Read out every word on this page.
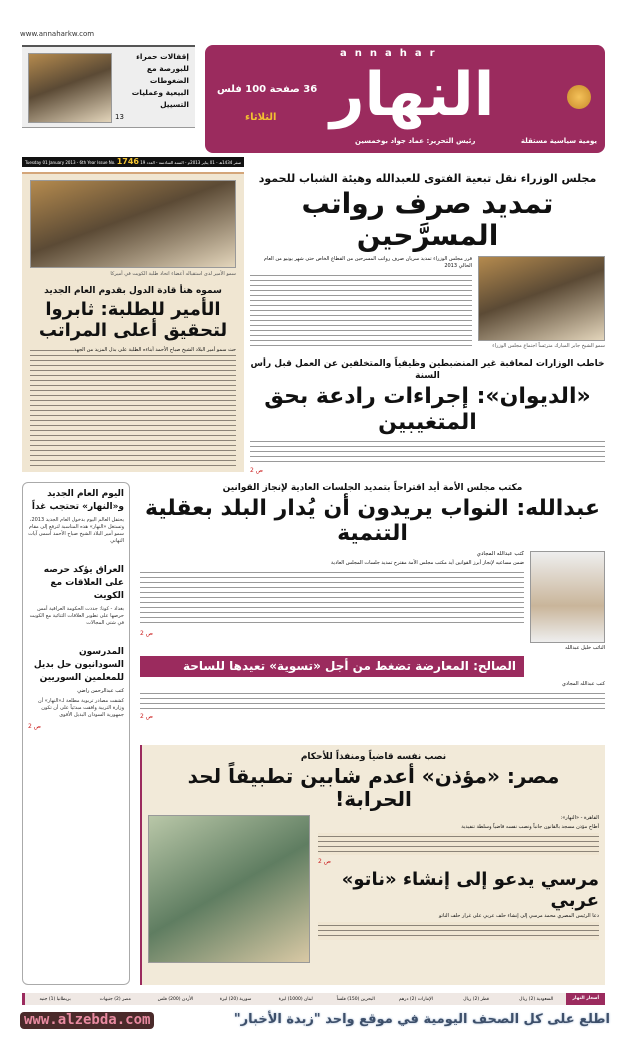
www.annaharkw.com
annahar
النهار
36 صفحة 100 فلس
الثلاثاء
يومية سياسية مستقلة
رئيس التحرير: عماد جواد بوخمسين
إقفالات حمراء للبورصة مع الضغوطات البيعية وعمليات التسييل
13
Tuesday 01 January 2013 - 6th Year Issue No. 1746 19 صفر 1434هـ - 01 يناير 2013م - السنة السادسة - العدد
سمو الأمير لدى استقباله أعضاء اتحاد طلبة الكويت في أميركا
سموه هنأ قادة الدول بقدوم العام الجديد
الأمير للطلبة: ثابروا لتحقيق أعلى المراتب
حث سمو أمير البلاد الشيخ صباح الأحمد أبناءه الطلبة على بذل المزيد من الجهد
مجلس الوزراء نقل تبعية الفتوى للعبدالله وهيئة الشباب للحمود
تمديد صرف رواتب المسرَّحين
سمو الشيخ جابر المبارك مترئساً اجتماع مجلس الوزراء
قرر مجلس الوزراء تمديد سريان صرف رواتب المسرحين من القطاع الخاص حتى شهر يونيو من العام الحالي 2013
خاطب الوزارات لمعاقبة غير المنضبطين وظيفياً والمتخلفين عن العمل قبل رأس السنة
«الديوان»: إجراءات رادعة بحق المتغيبين
ص 2
اليوم العام الجديد و«النهار» تحتجب غداً
يحتفل العالم اليوم بدخول العام الجديد 2013، وتستغل «النهار» هذه المناسبة لترفع إلى مقام سمو أمير البلاد الشيخ صباح الأحمد أسمى آيات التهاني
العراق يؤكد حرصه على العلاقات مع الكويت
بغداد - كونا: جددت الحكومة العراقية أمس حرصها على تطوير العلاقات الثنائية مع الكويت في شتى المجالات
المدرسون السودانيون حل بديل للمعلمين السوريين
كتب عبدالرحمن راضي
كشفت مصادر تربوية مطلعة لـ«النهار» أن وزارة التربية وافقت مبدئياً على أن تكون جمهورية السودان البديل الأقوى
ص 2
مكتب مجلس الأمة أيد اقتراحاً بتمديد الجلسات العادية لإنجاز القوانين
عبدالله: النواب يريدون أن يُدار البلد بعقلية التنمية
النائب خليل عبدالله
كتب عبدالله المجادي
ضمن مساعيه لإنجاز أبرز القوانين أيد مكتب مجلس الأمة مقترح تمديد جلسات المجلس العادية
ص 2
الصالح: المعارضة تضغط من أجل «تسوية» تعيدها للساحة
كتب عبدالله المجادي
ص 2
نصب نفسه قاضياً ومنفذاً للأحكام
مصر: «مؤذن» أعدم شابين تطبيقاً لحد الحرابة!
القاهرة - «النهار»:
أطاح مؤذن مسجد بالقانون جانباً ونصب نفسه قاضياً وسلطة تنفيذية
ص 2
مرسي يدعو إلى إنشاء «ناتو» عربي
دعا الرئيس المصري محمد مرسي إلى إنشاء حلف عربي على غرار حلف الناتو
أسعار النهار
السعودية (2) ريال
قطر (2) ريال
الإمارات (2) درهم
البحرين (150) فلساً
لبنان (1000) ليرة
سورية (20) ليرة
الأردن (200) فلس
مصر (2) جنيهات
بريطانيا (1) جنيه
اطلع على كل الصحف اليومية في موقع واحد "زبدة الأخبار"
www.alzebda.com
